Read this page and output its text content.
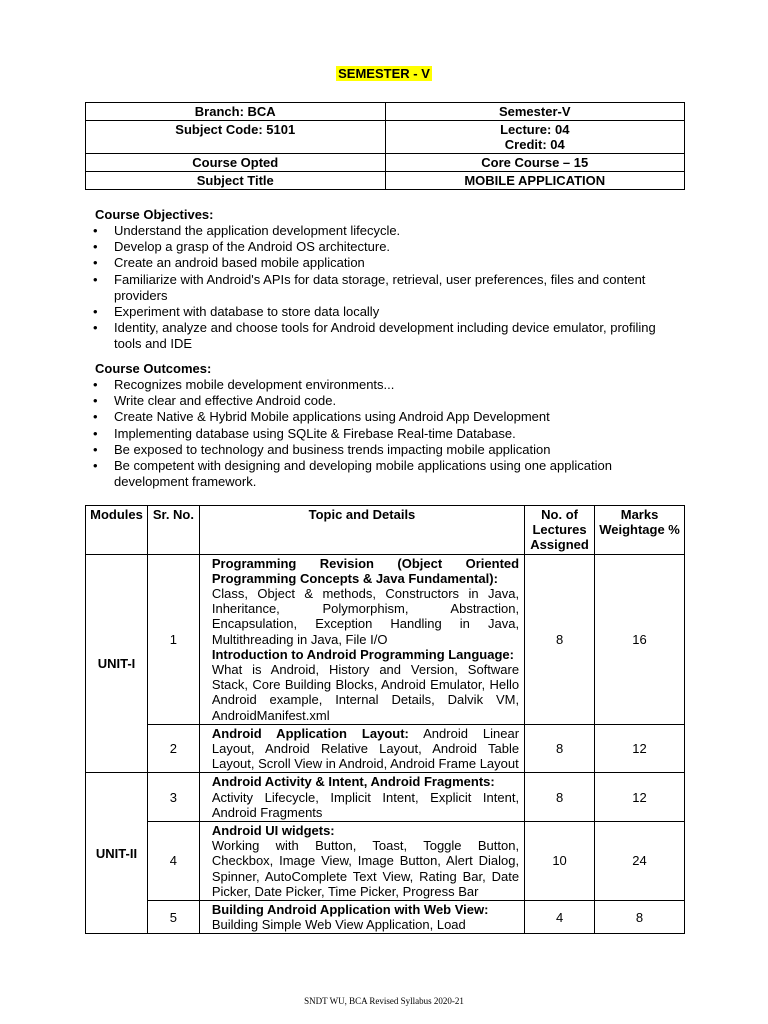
SEMESTER - V
Branch: BCA	Semester-V
Subject Code: 5101	Lecture: 04
Credit: 04

Course Opted	Core Course – 15
Subject Title	MOBILE APPLICATION

Course Objectives:

• Understand the application development lifecycle.
• Develop a grasp of the Android OS architecture.
• Create an android based mobile application
• Familiarize with Android's APIs for data storage, retrieval, user preferences, files and content providers
• Experiment with database to store data locally
• Identity, analyze and choose tools for Android development including device emulator, profiling tools and IDE

Course Outcomes:

• Recognizes mobile development environments...
• Write clear and effective Android code.
• Create Native & Hybrid Mobile applications using Android App Development
• Implementing database using SQLite & Firebase Real-time Database.
• Be exposed to technology and business trends impacting mobile application
• Be competent with designing and developing mobile applications using one application development framework.
Modules	Sr. No.	Topic and Details	No. of Lectures Assigned	Marks Weightage %
UNIT-I	1	Programming Revision (Object Oriented Programming Concepts & Java Fundamental):
Class, Object & methods, Constructors in Java, Inheritance, Polymorphism, Abstraction, Encapsulation, Exception Handling in Java, Multithreading in Java, File I/O
Introduction to Android Programming Language:
What is Android, History and Version, Software Stack, Core Building Blocks, Android Emulator, Hello Android example, Internal Details, Dalvik VM, AndroidManifest.xml	8	16
	2	Android Application Layout: Android Linear Layout, Android Relative Layout, Android Table Layout, Scroll View in Android, Android Frame Layout	8	12
UNIT-II	3	Android Activity & Intent, Android Fragments:
Activity Lifecycle, Implicit Intent, Explicit Intent, Android Fragments	8	12
	4	Android UI widgets:
Working with Button, Toast, Toggle Button, Checkbox, Image View, Image Button, Alert Dialog, Spinner, AutoComplete Text View, Rating Bar, Date Picker, Date Picker, Time Picker, Progress Bar	10	24
	5	Building Android Application with Web View:
Building Simple Web View Application, Load	4	8
SNDT WU, BCA Revised Syllabus 2020-21
